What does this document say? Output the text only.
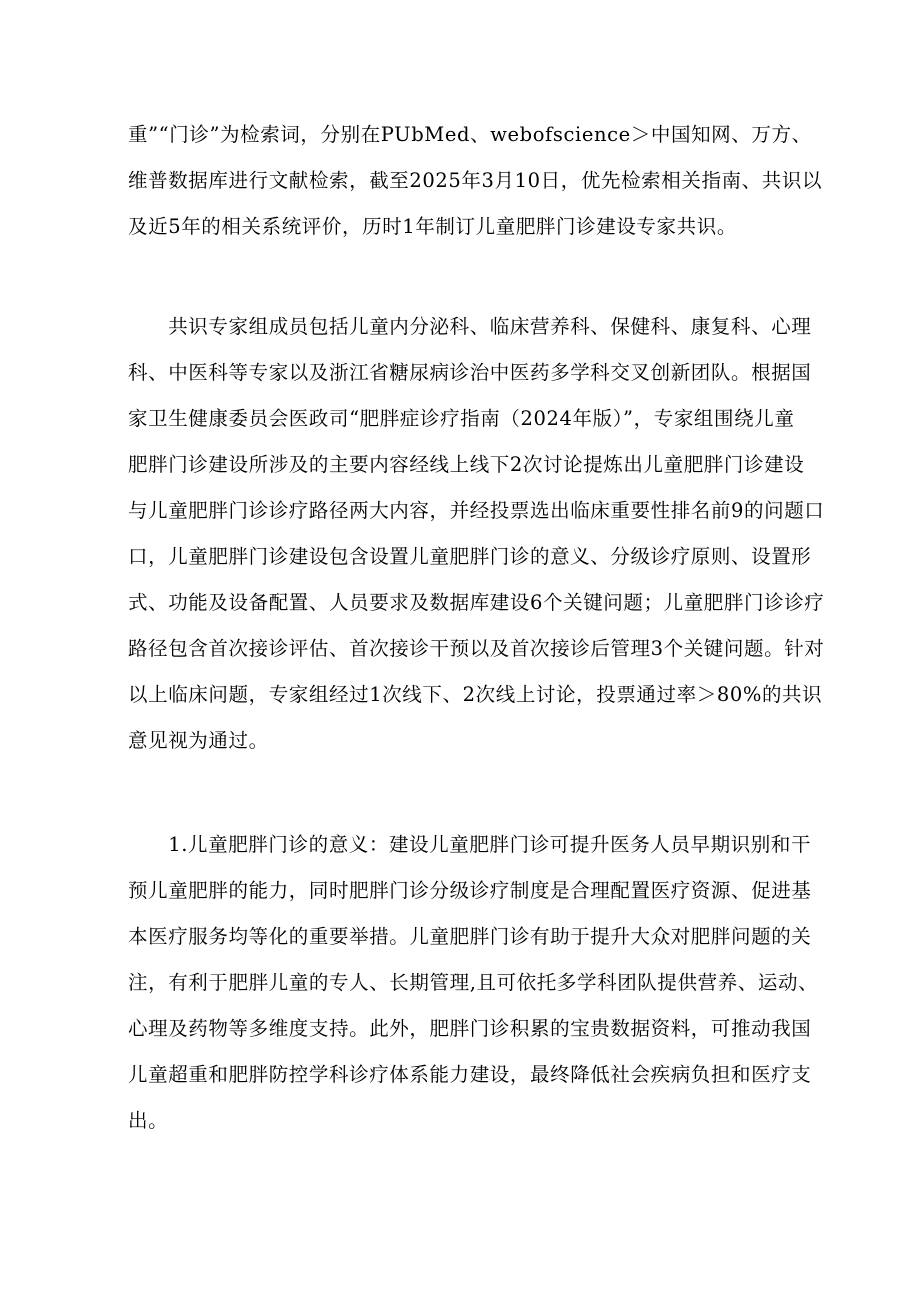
重”“门诊”为检索词，分别在PUbMed、webofscience＞中国知网、万方、
维普数据库进行文献检索，截至2025年3月10日，优先检索相关指南、共识以
及近5年的相关系统评价，历时1年制订儿童肥胖门诊建设专家共识。
　　共识专家组成员包括儿童内分泌科、临床营养科、保健科、康复科、心理
科、中医科等专家以及浙江省糖尿病诊治中医药多学科交叉创新团队。根据国
家卫生健康委员会医政司“肥胖症诊疗指南（2024年版）”，专家组围绕儿童
肥胖门诊建设所涉及的主要内容经线上线下2次讨论提炼出儿童肥胖门诊建设
与儿童肥胖门诊诊疗路径两大内容，并经投票选出临床重要性排名前9的问题口
口，儿童肥胖门诊建设包含设置儿童肥胖门诊的意义、分级诊疗原则、设置形
式、功能及设备配置、人员要求及数据库建设6个关键问题；儿童肥胖门诊诊疗
路径包含首次接诊评估、首次接诊干预以及首次接诊后管理3个关键问题。针对
以上临床问题，专家组经过1次线下、2次线上讨论，投票通过率＞80%的共识
意见视为通过。
　　1.儿童肥胖门诊的意义：建设儿童肥胖门诊可提升医务人员早期识别和干
预儿童肥胖的能力，同时肥胖门诊分级诊疗制度是合理配置医疗资源、促进基
本医疗服务均等化的重要举措。儿童肥胖门诊有助于提升大众对肥胖问题的关
注，有利于肥胖儿童的专人、长期管理,且可依托多学科团队提供营养、运动、
心理及药物等多维度支持。此外，肥胖门诊积累的宝贵数据资料，可推动我国
儿童超重和肥胖防控学科诊疗体系能力建设，最终降低社会疾病负担和医疗支
出。
